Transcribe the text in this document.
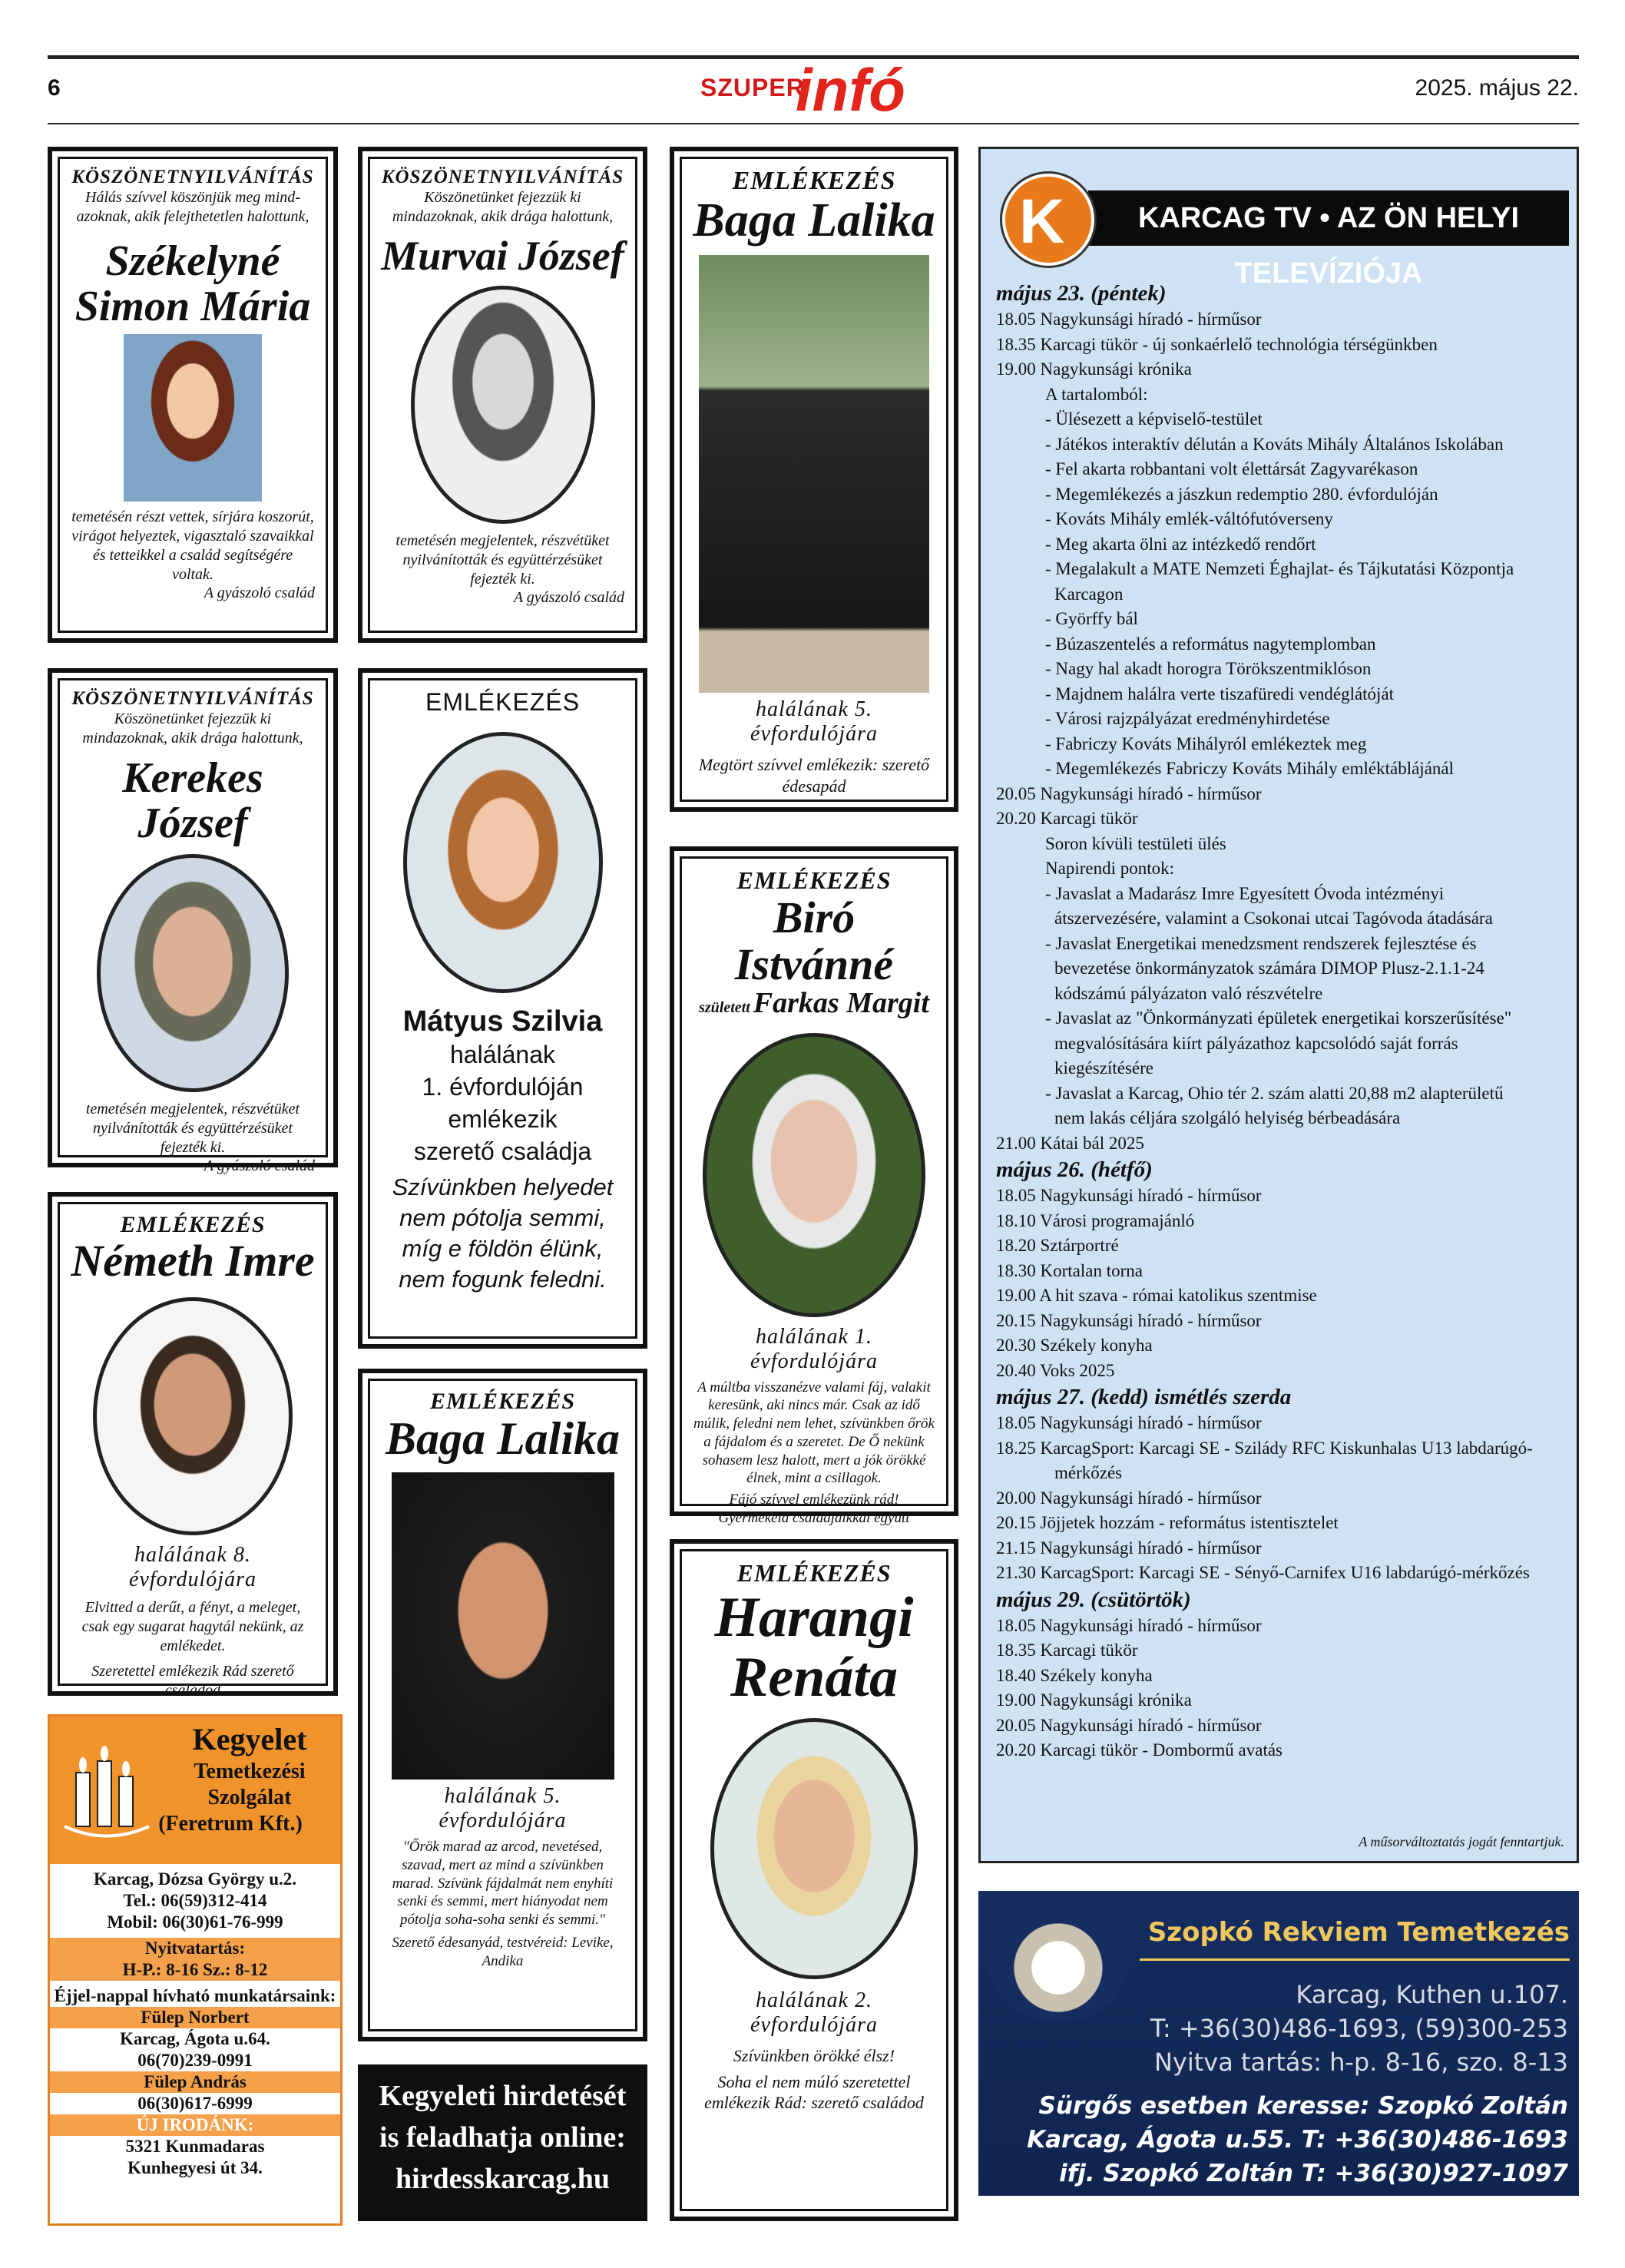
6	SZUPER
infó	2025. május 22.
KÖSZÖNETNYILVÁNÍTÁS
Hálás szívvel köszönjük meg mind- azoknak, akik felejthetetlen halottunk,
Székelyné
Simon Mária
temetésén részt vettek, sírjára koszorút, virágot helyeztek, vigasztaló szavaikkal és tetteikkel a család segítségére voltak.
A gyászoló család
KÖSZÖNETNYILVÁNÍTÁS
Köszönetünket fejezzük ki mindazoknak, akik drága halottunk,
Murvai József
temetésén megjelentek, részvétüket nyilvánították és együttérzésüket fejezték ki.
A gyászoló család
EMLÉKEZÉS
Baga Lalika
halálának 5. évfordulójára
Megtört szívvel emlékezik: szerető édesapád
KÖSZÖNETNYILVÁNÍTÁS
Köszönetünket fejezzük ki mindazoknak, akik drága halottunk,
Kerekes József
temetésén megjelentek, részvétüket nyilvánították és együttérzésüket fejezték ki.
A gyászoló család
EMLÉKEZÉS
Mátyus Szilvia
halálának
1. évfordulóján
emlékezik
szerető családja
Szívünkben helyedet nem pótolja semmi, míg e földön élünk, nem fogunk feledni.
EMLÉKEZÉS
Biró Istvánné
született Farkas Margit
halálának 1. évfordulójára
A múltba visszanézve valami fáj, valakit keresünk, aki nincs már. Csak az idő múlik, feledni nem lehet, szívünkben őrök a fájdalom és a szeretet. De Ő nekünk sohasem lesz halott, mert a jók örökké élnek, mint a csillagok.
Fájó szívvel emlékezünk rád! Gyermekeid családjaikkal együtt
EMLÉKEZÉS
Németh Imre
halálának 8. évfordulójára
Elvitted a derűt, a fényt, a meleget, csak egy sugarat hagytál nekünk, az emlékedet.
Szeretettel emlékezik Rád szerető családod
EMLÉKEZÉS
Baga Lalika
halálának 5. évfordulójára
"Őrök marad az arcod, nevetésed, szavad, mert az mind a szívünkben marad. Szívünk fájdalmát nem enyhíti senki és semmi, mert hiányodat nem pótolja soha-soha senki és semmi."
Szerető édesanyád, testvéreid: Levike, Andika
EMLÉKEZÉS
Harangi
Renáta
halálának 2. évfordulójára
Szívünkben örökké élsz!
Soha el nem múló szeretettel emlékezik Rád: szerető családod
KARCAG TV • AZ ÖN HELYI TELEVÍZIÓJA
K
május 23. (péntek)
18.05 Nagykunsági híradó - hírműsor
18.35 Karcagi tükör - új sonkaérlelő technológia térségünkben
19.00 Nagykunsági krónika
A tartalomból:
- Ülésezett a képviselő-testület
- Játékos interaktív délután a Kováts Mihály Általános Iskolában
- Fel akarta robbantani volt élettársát Zagyvarékason
- Megemlékezés a jászkun redemptio 280. évfordulóján
- Kováts Mihály emlék-váltófutóverseny
- Meg akarta ölni az intézkedő rendőrt
- Megalakult a MATE Nemzeti Éghajlat- és Tájkutatási Központja
Karcagon
- Györffy bál
- Búzaszentelés a református nagytemplomban
- Nagy hal akadt horogra Törökszentmiklóson
- Majdnem halálra verte tiszafüredi vendéglátóját
- Városi rajzpályázat eredményhirdetése
- Fabriczy Kováts Mihályról emlékeztek meg
- Megemlékezés Fabriczy Kováts Mihály emléktáblájánál
20.05 Nagykunsági híradó - hírműsor
20.20 Karcagi tükör
Soron kívüli testületi ülés
Napirendi pontok:
- Javaslat a Madarász Imre Egyesített Óvoda intézményi
átszervezésére, valamint a Csokonai utcai Tagóvoda átadására
- Javaslat Energetikai menedzsment rendszerek fejlesztése és
bevezetése önkormányzatok számára DIMOP Plusz-2.1.1-24
kódszámú pályázaton való részvételre
- Javaslat az "Önkormányzati épületek energetikai korszerűsítése"
megvalósítására kiírt pályázathoz kapcsolódó saját forrás
kiegészítésére
- Javaslat a Karcag, Ohio tér 2. szám alatti 20,88 m2 alapterületű
nem lakás céljára szolgáló helyiség bérbeadására
21.00 Kátai bál 2025
május 26. (hétfő)
18.05 Nagykunsági híradó - hírműsor
18.10 Városi programajánló
18.20 Sztárportré
18.30 Kortalan torna
19.00 A hit szava - római katolikus szentmise
20.15 Nagykunsági híradó - hírműsor
20.30 Székely konyha
20.40 Voks 2025
május 27. (kedd) ismétlés szerda
18.05 Nagykunsági híradó - hírműsor
18.25 KarcagSport: Karcagi SE - Szilády RFC Kiskunhalas U13 labdarúgó-
mérkőzés
20.00 Nagykunsági híradó - hírműsor
20.15 Jöjjetek hozzám - református istentisztelet
21.15 Nagykunsági híradó - hírműsor
21.30 KarcagSport: Karcagi SE - Sényő-Carnifex U16 labdarúgó-mérkőzés
május 29. (csütörtök)
18.05 Nagykunsági híradó - hírműsor
18.35 Karcagi tükör
18.40 Székely konyha
19.00 Nagykunsági krónika
20.05 Nagykunsági híradó - hírműsor
20.20 Karcagi tükör - Dombormű avatás
A műsorváltoztatás jogát fenntartjuk.
Szopkó Rekviem Temetkezés
Karcag, Kuthen u.107.
T: +36(30)486-1693, (59)300-253
Nyitva tartás: h-p. 8-16, szo. 8-13
Sürgős esetben keresse: Szopkó Zoltán
Karcag, Ágota u.55. T: +36(30)486-1693
ifj. Szopkó Zoltán T: +36(30)927-1097
Kegyelet
Temetkezési
Szolgálat
(Feretrum Kft.)
Karcag, Dózsa György u.2.
Tel.: 06(59)312-414
Mobil: 06(30)61-76-999
Nyitvatartás:
H-P.: 8-16 Sz.: 8-12
Éjjel-nappal hívható munkatársaink:
Fülep Norbert
Karcag, Ágota u.64.
06(70)239-0991
Fülep András
06(30)617-6999
ÚJ IRODÁNK:
5321 Kunmadaras
Kunhegyesi út 34.
Kegyeleti hirdetését
is feladhatja online:
hirdesskarcag.hu
